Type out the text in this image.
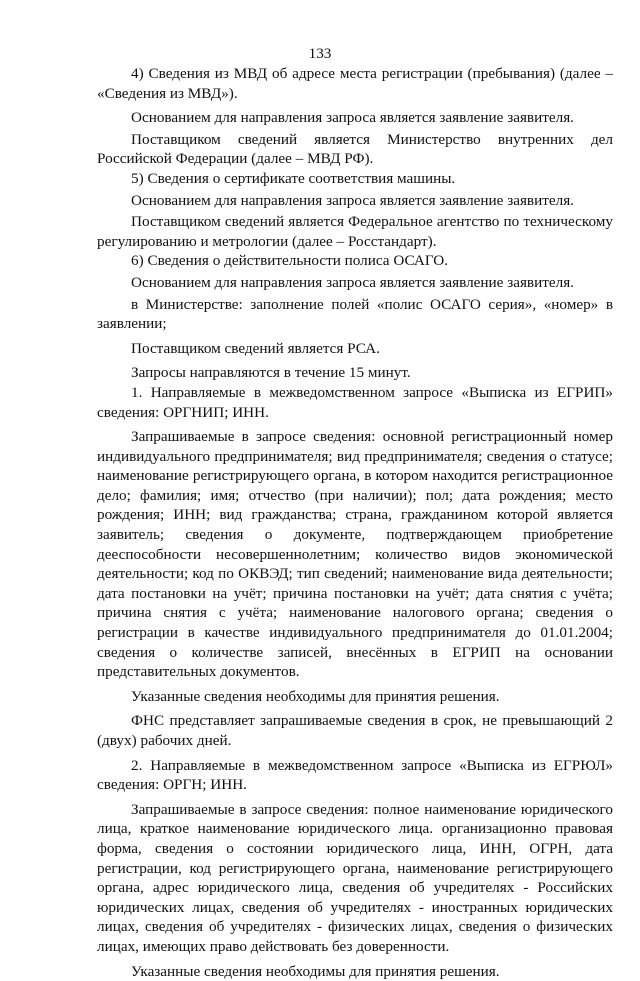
133

4) Сведения из МВД об адресе места регистрации (пребывания) (далее – «Сведения из МВД»).

Основанием для направления запроса является заявление заявителя.

Поставщиком сведений является Министерство внутренних дел Российской Федерации (далее – МВД РФ).

5) Сведения о сертификате соответствия машины.

Основанием для направления запроса является заявление заявителя.

Поставщиком сведений является Федеральное агентство по техническому регулированию и метрологии (далее – Росстандарт).

6) Сведения о действительности полиса ОСАГО.

Основанием для направления запроса является заявление заявителя.

в Министерстве: заполнение полей «полис ОСАГО серия», «номер» в заявлении;

Поставщиком сведений является РСА.

Запросы направляются в течение 15 минут.

1. Направляемые в межведомственном запросе «Выписка из ЕГРИП» сведения: ОРГНИП; ИНН.

Запрашиваемые в запросе сведения: основной регистрационный номер индивидуального предпринимателя; вид предпринимателя; сведения о статусе; наименование регистрирующего органа, в котором находится регистрационное дело; фамилия; имя; отчество (при наличии); пол; дата рождения; место рождения; ИНН; вид гражданства; страна, гражданином которой является заявитель; сведения о документе, подтверждающем приобретение дееспособности несовершеннолетним; количество видов экономической деятельности; код по ОКВЭД; тип сведений; наименование вида деятельности; дата постановки на учёт; причина постановки на учёт; дата снятия с учёта; причина снятия с учёта; наименование налогового органа; сведения о регистрации в качестве индивидуального предпринимателя до 01.01.2004; сведения о количестве записей, внесённых в ЕГРИП на основании представительных документов.

Указанные сведения необходимы для принятия решения.

ФНС представляет запрашиваемые сведения в срок, не превышающий 2 (двух) рабочих дней.

2. Направляемые в межведомственном запросе «Выписка из ЕГРЮЛ» сведения: ОРГН; ИНН.

Запрашиваемые в запросе сведения: полное наименование юридического лица, краткое наименование юридического лица. организационно правовая форма, сведения о состоянии юридического лица, ИНН, ОГРН, дата регистрации, код регистрирующего органа, наименование регистрирующего органа, адрес юридического лица, сведения об учредителях - Российских юридических лицах, сведения об учредителях - иностранных юридических лицах, сведения об учредителях - физических лицах, сведения о физических лицах, имеющих право действовать без доверенности.

Указанные сведения необходимы для принятия решения.
